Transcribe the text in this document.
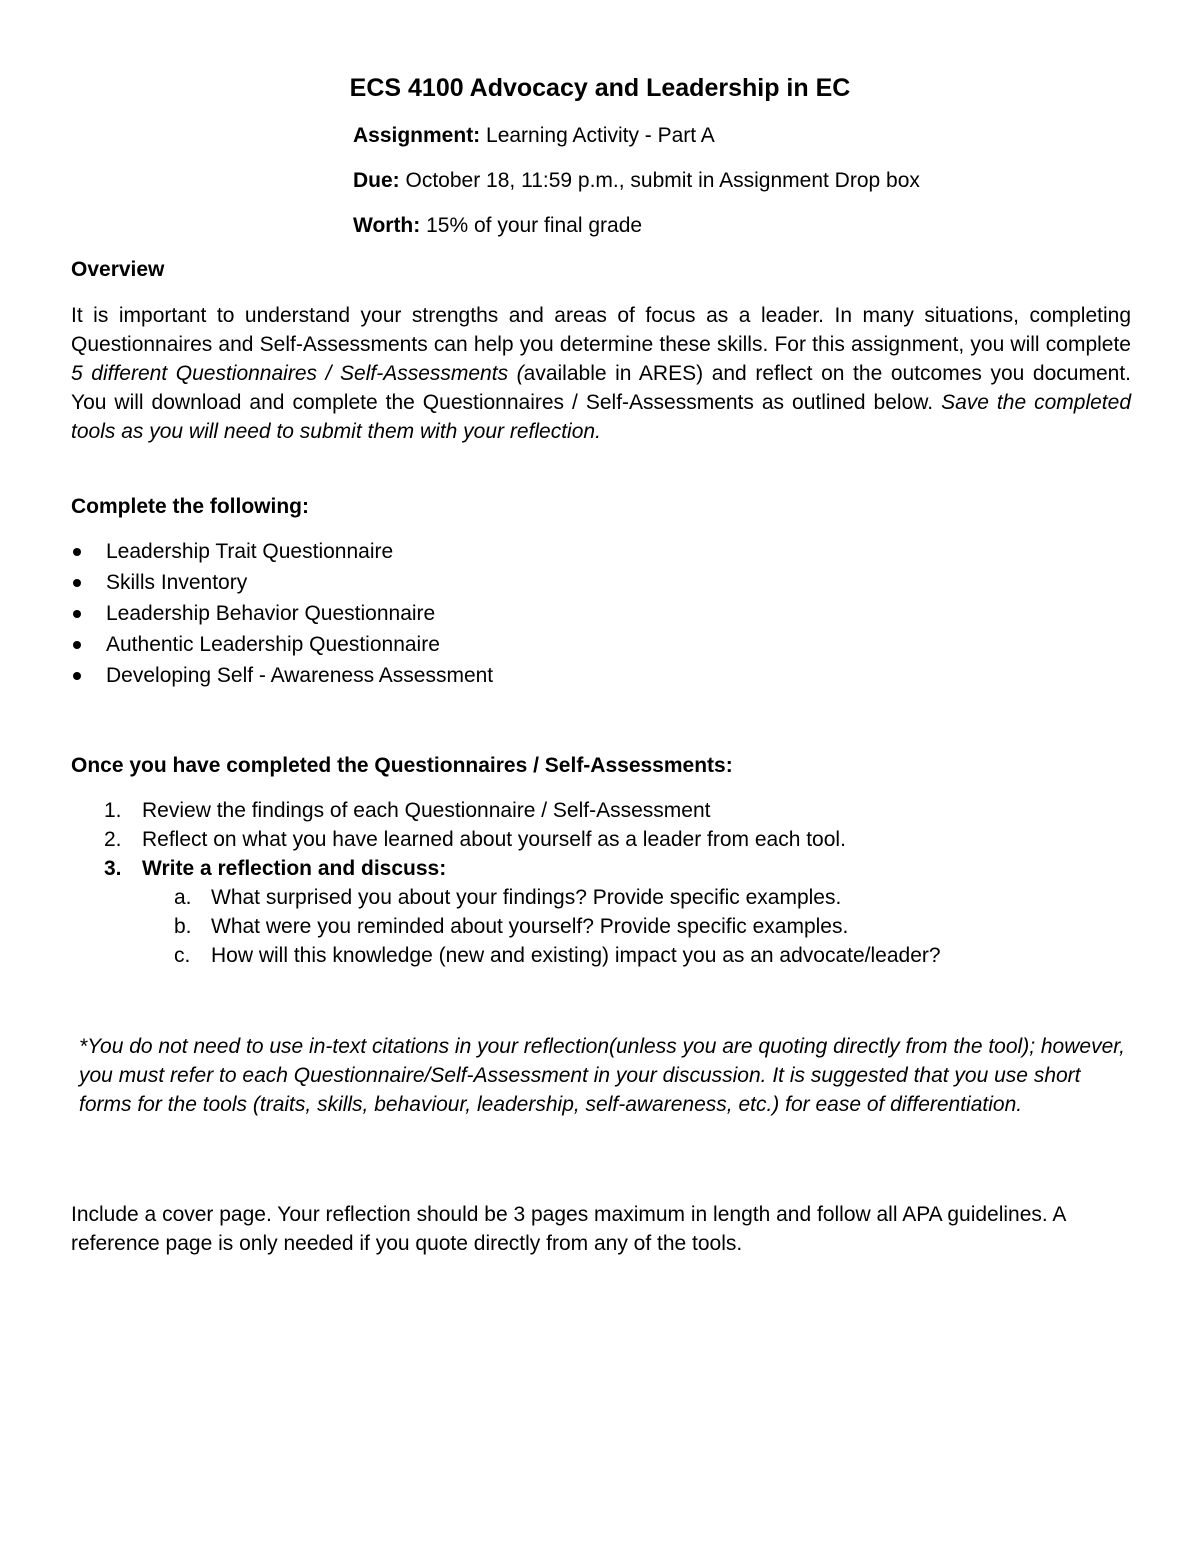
ECS 4100 Advocacy and Leadership in EC
Assignment: Learning Activity - Part A
Due: October 18, 11:59 p.m., submit in Assignment Drop box
Worth: 15% of your final grade
Overview
It is important to understand your strengths and areas of focus as a leader. In many situations, completing Questionnaires and Self-Assessments can help you determine these skills. For this assignment, you will complete 5 different Questionnaires / Self-Assessments (available in ARES) and reflect on the outcomes you document. You will download and complete the Questionnaires / Self-Assessments as outlined below. Save the completed tools as you will need to submit them with your reflection.
Complete the following:
Leadership Trait Questionnaire
Skills Inventory
Leadership Behavior Questionnaire
Authentic Leadership Questionnaire
Developing Self - Awareness Assessment
Once you have completed the Questionnaires / Self-Assessments:
1. Review the findings of each Questionnaire / Self-Assessment
2. Reflect on what you have learned about yourself as a leader from each tool.
3. Write a reflection and discuss:
a. What surprised you about your findings? Provide specific examples.
b. What were you reminded about yourself? Provide specific examples.
c. How will this knowledge (new and existing) impact you as an advocate/leader?
*You do not need to use in-text citations in your reflection(unless you are quoting directly from the tool); however, you must refer to each Questionnaire/Self-Assessment in your discussion. It is suggested that you use short forms for the tools (traits, skills, behaviour, leadership, self-awareness, etc.) for ease of differentiation.
Include a cover page. Your reflection should be 3 pages maximum in length and follow all APA guidelines. A reference page is only needed if you quote directly from any of the tools.
